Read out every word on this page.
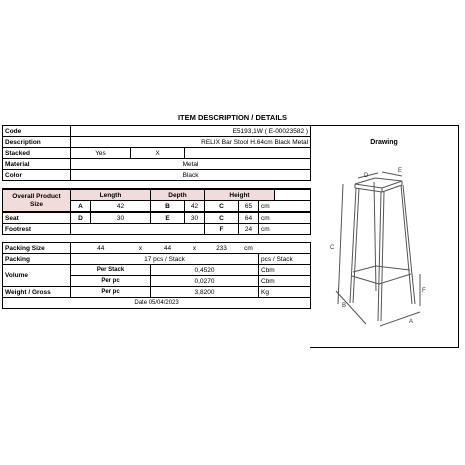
ITEM DESCRIPTION / DETAILS
Code	E5193,1W ( E-00023582 )								
Description	RELIX Bar Stool H.64cm Black Metal								
Stacked	Yes		X						
Material	Metal								
Color	Black								

Overall Product Size	Length			Depth		Height			
	A	42		B	42	C	65	cm	
Seat	D	30		E	30	C	64	cm	
Footrest						F	24	cm	

Packing Size	44		x	44	x	233	cm		
Packing	17 pcs / Stack							pcs / Stack	
Volume	Per Stack			0,4520				Cbm	
	Per pc			0,0270				Cbm	
Weight / Gross	Per pc			3,8200				Kg	
Date 05/04/2023									
Drawing
A
B
C
D
E
F
